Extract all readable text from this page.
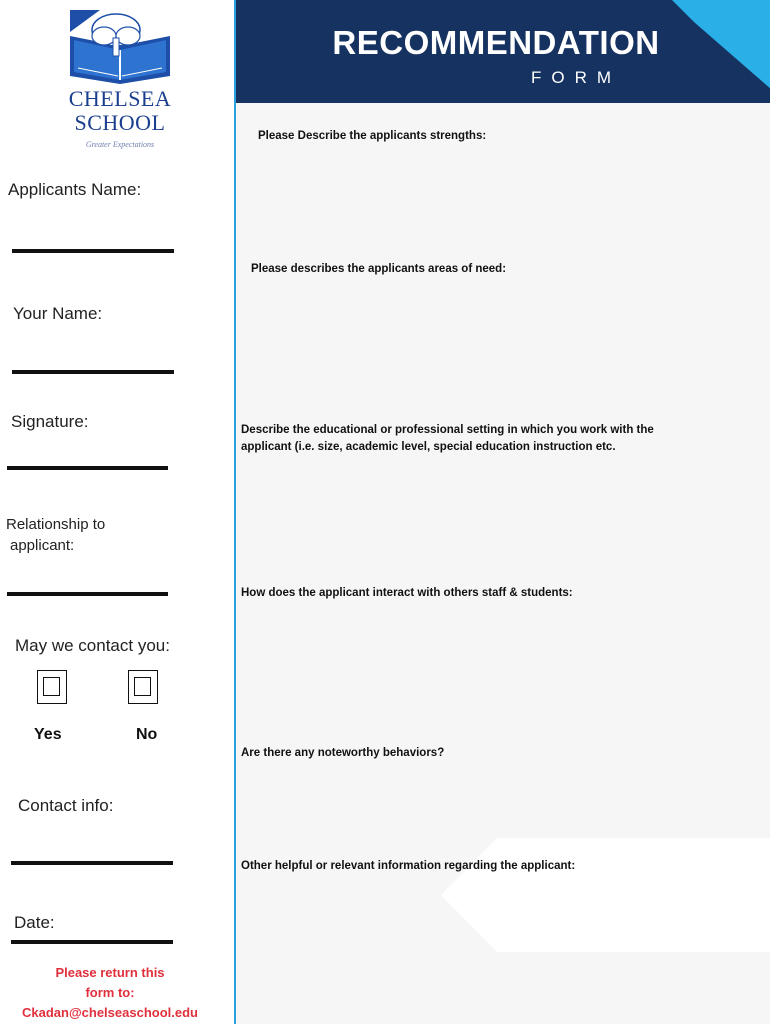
CHELSEA
SCHOOL
Greater Expectations
Applicants Name:
Your Name:
Signature:
Relationship to
applicant:
May we contact you:
Yes	No
Contact info:
Date:
Please return this
form to:
Ckadan@chelseaschool.edu
RECOMMENDATION
FORM
Please Describe the applicants strengths:
Please describes the applicants areas of need:
Describe the educational or professional setting in which you work with the
applicant (i.e. size, academic level, special education instruction etc.
How does the applicant interact with others staff & students:
Are there any noteworthy behaviors?
Other helpful or relevant information regarding the applicant:
